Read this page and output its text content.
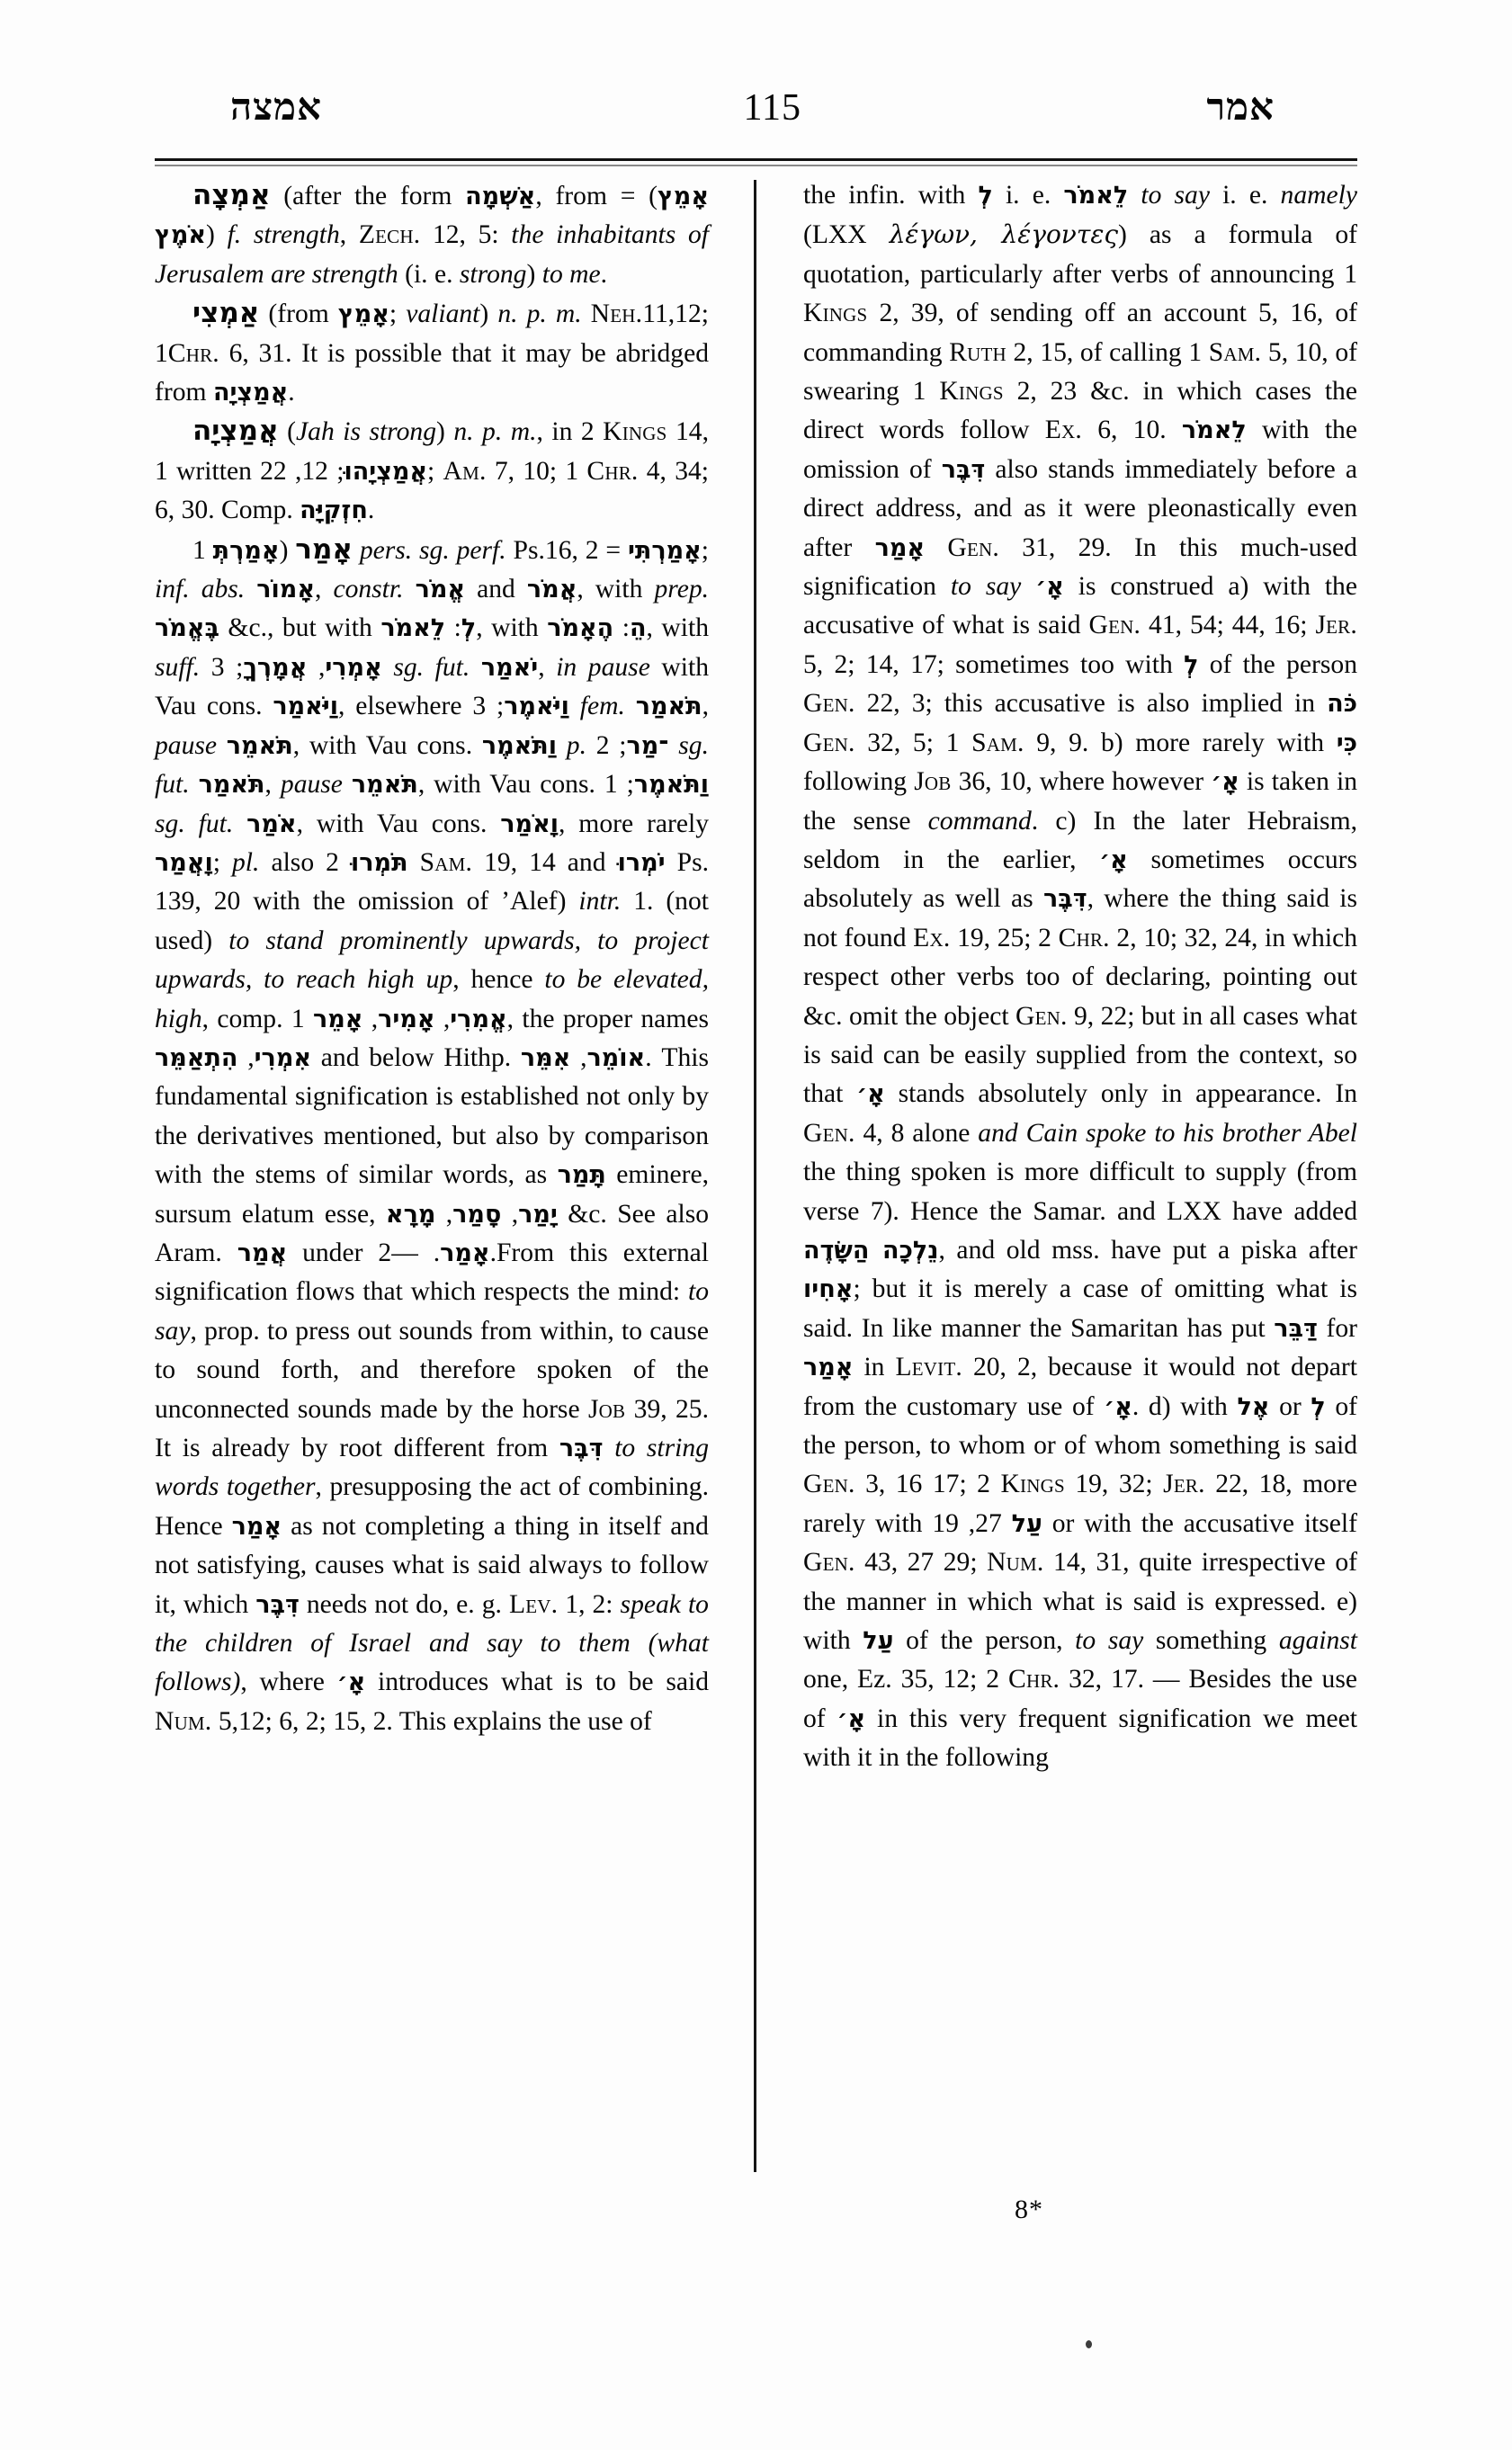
אמצה	115	אמר

אַמְצָה (after the form אַשְׁמָה, from אָמֵץ) = אֹמֶץ) f. strength, Zech. 12, 5: the inhabitants of Jerusalem are strength (i. e. strong) to me.

אַמְצִי (from אָמֵץ; valiant) n. p. m. Neh.11,12; 1Chr. 6, 31. It is possible that it may be abridged from אֲמַצְיָה.

אֲמַצְיָה (Jah is strong) n. p. m., in 2 Kings 14, 1 written	אֲמַצְיָהוּ; 12, 22; Am. 7, 10; 1 Chr. 4, 34; 6, 30. Comp. חִזְקִיָּה.

אָמַר (אָמַרְתְּ 1 pers. sg. perf. Ps.16, 2 = אָמַרְתִּי; inf. abs. אָמוֹר, constr. אֱמֹר and אֲמֹר, with prep. בֶּאֱמֹר &c., but with	לְ: לֵאמֹר , with	הֵ: הֶאָמֹר , with suff.	אָמְרִי, אֲמָרְךָ; 3 sg. fut. יֹאמַר, in pause with Vau cons. וַיֹּאמַר, elsewhere וַיֹּאמֶר; 3 fem. תֹּאמַר, pause תֹּאמֵר, with Vau cons. וַתֹּאמֶר p. ־מַר; 2 sg. fut. תֹּאמַר, pause תֹּאמֵר, with Vau cons. וַתֹּאמֶר; 1 sg. fut. אֹמַר, with Vau cons. וָאֹמַר, more rarely וָאֲמַר; pl. also תֹּמְרוּ 2 Sam. 19, 14 and יֹמְרוּ Ps. 139, 20 with the omission of ’Alef) intr. 1. (not used) to stand prominently upwards, to project upwards, to reach high up, hence to be elevated, high, comp.	אֱמִרִי, אָמִיר, אָמֵר 1, the proper names אִמְרִי, הִתְאַמֵּר	and below Hithp.	אוֹמֵר, אִמֵּר	. This fundamental signification is established not only by the derivatives mentioned, but also by comparison with the stems of similar words, as תָּמַר eminere, sursum elatum esse,	יָמַר, סָמַר, מָרָא	&c. See also Aram. אֲמַר under	אָמַר. —2.From this external signification flows that which respects the mind: to say, prop. to press out sounds from within, to cause to sound forth, and therefore spoken of the unconnected sounds made by the horse Job 39, 25. It is already by root different from דִּבֶּר to string words together, presupposing the act of combining. Hence אָמַר as not completing a thing in itself and not satisfying, causes what is said always to follow it, which דִּבֶּר needs not do, e. g. Lev. 1, 2: speak to the children of Israel and say to them (what follows), where אָ׳ introduces what is to be said Num. 5,12; 6, 2; 15, 2. This explains the use of

the infin. with לְ i. e. לֵאמֹר to say i. e. namely (LXX λέγων, λέγοντες) as a formula of quotation, particularly after verbs of announcing 1 Kings 2, 39, of sending off an account 5, 16, of commanding Ruth 2, 15, of calling 1 Sam. 5, 10, of swearing 1 Kings 2, 23 &c. in which cases the direct words follow Ex. 6, 10. לֵאמֹר with the omission of דִּבֶּר also stands immediately before a direct address, and as it were pleonastically even after אָמַר Gen. 31, 29. In this much-used signification to say אָ׳ is construed a) with the accusative of what is said Gen. 41, 54; 44, 16; Jer. 5, 2; 14, 17; sometimes too with לְ of the person Gen. 22, 3; this accusative is also implied in כֹּה Gen. 32, 5; 1 Sam. 9, 9. b) more rarely with כִּי following Job 36, 10, where however אָ׳ is taken in the sense command. c) In the later Hebraism, seldom in the earlier, אָ׳ sometimes occurs absolutely as well as דִּבֶּר, where the thing said is not found Ex. 19, 25; 2 Chr. 2, 10; 32, 24, in which respect other verbs too of declaring, pointing out &c. omit the object Gen. 9, 22; but in all cases what is said can be easily supplied from the context, so that אָ׳ stands absolutely only in appearance. In Gen. 4, 8 alone and Cain spoke to his brother Abel the thing spoken is more difficult to supply (from verse 7). Hence the Samar. and LXX have added נֵלְכָה הַשָּׂדֶה, and old mss. have put a piska after אָחִיו; but it is merely a case of omitting what is said. In like manner the Samaritan has put דַּבֵּר for אָמַר in Levit. 20, 2, because it would not depart from the customary use of אָ׳. d) with אֶל or לְ of the person, to whom or of whom something is said Gen. 3, 16 17; 2 Kings 19, 32; Jer. 22, 18, more rarely with	עַל 27, 19 or with the accusative itself Gen. 43, 27 29; Num. 14, 31, quite irrespective of the manner in which what is said is expressed. e) with עַל of the person, to say something against one, Ez. 35, 12; 2 Chr. 32, 17. — Besides the use of אָ׳ in this very frequent signification we meet with it in the following

8*
